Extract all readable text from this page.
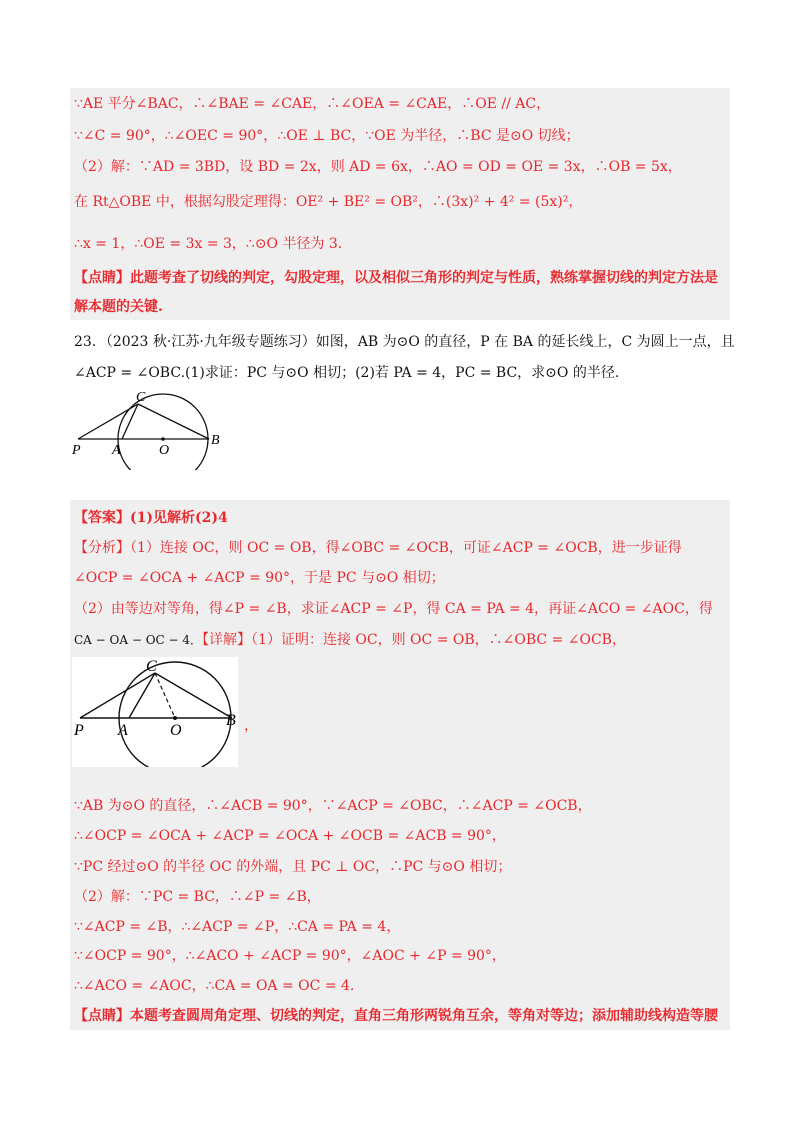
∵AE 平分∠BAC，∴∠BAE = ∠CAE，∴∠OEA = ∠CAE，∴OE // AC，
∵∠C = 90°，∴∠OEC = 90°，∴OE ⊥ BC，∵OE 为半径，∴BC 是⊙O 切线；
（2）解：∵AD = 3BD，设 BD = 2x，则 AD = 6x，∴AO = OD = OE = 3x，∴OB = 5x，
在 Rt△OBE 中，根据勾股定理得：OE² + BE² = OB²，∴(3x)² + 4² = (5x)²，
∴x = 1，∴OE = 3x = 3，∴⊙O 半径为 3.
【点睛】此题考查了切线的判定，勾股定理，以及相似三角形的判定与性质，熟练掌握切线的判定方法是
解本题的关键.
23．（2023 秋·江苏·九年级专题练习）如图，AB 为⊙O 的直径，P 在 BA 的延长线上，C 为圆上一点，且
∠ACP = ∠OBC.(1)求证：PC 与⊙O 相切；(2)若 PA = 4，PC = BC，求⊙O 的半径.
P A	O
B
C
【答案】(1)见解析(2)4
【分析】（1）连接 OC，则 OC = OB，得∠OBC = ∠OCB，可证∠ACP = ∠OCB，进一步证得
∠OCP = ∠OCA + ∠ACP = 90°，于是 PC 与⊙O 相切；
（2）由等边对等角，得∠P = ∠B，求证∠ACP = ∠P，得 CA = PA = 4，再证∠ACO = ∠AOC，得
CA − OA − OC − 4．【详解】（1）证明：连接 OC，则 OC = OB，∴∠OBC = ∠OCB，
P A	O
B
C
，
∵AB 为⊙O 的直径，∴∠ACB = 90°，∵∠ACP = ∠OBC，∴∠ACP = ∠OCB，
∴∠OCP = ∠OCA + ∠ACP = ∠OCA + ∠OCB = ∠ACB = 90°，
∵PC 经过⊙O 的半径 OC 的外端，且 PC ⊥ OC，∴PC 与⊙O 相切；
（2）解：∵PC = BC，∴∠P = ∠B，
∵∠ACP = ∠B，∴∠ACP = ∠P，∴CA = PA = 4，
∵∠OCP = 90°，∴∠ACO + ∠ACP = 90°，∠AOC + ∠P = 90°，
∴∠ACO = ∠AOC，∴CA = OA = OC = 4.
【点睛】本题考查圆周角定理、切线的判定，直角三角形两锐角互余，等角对等边；添加辅助线构造等腰
